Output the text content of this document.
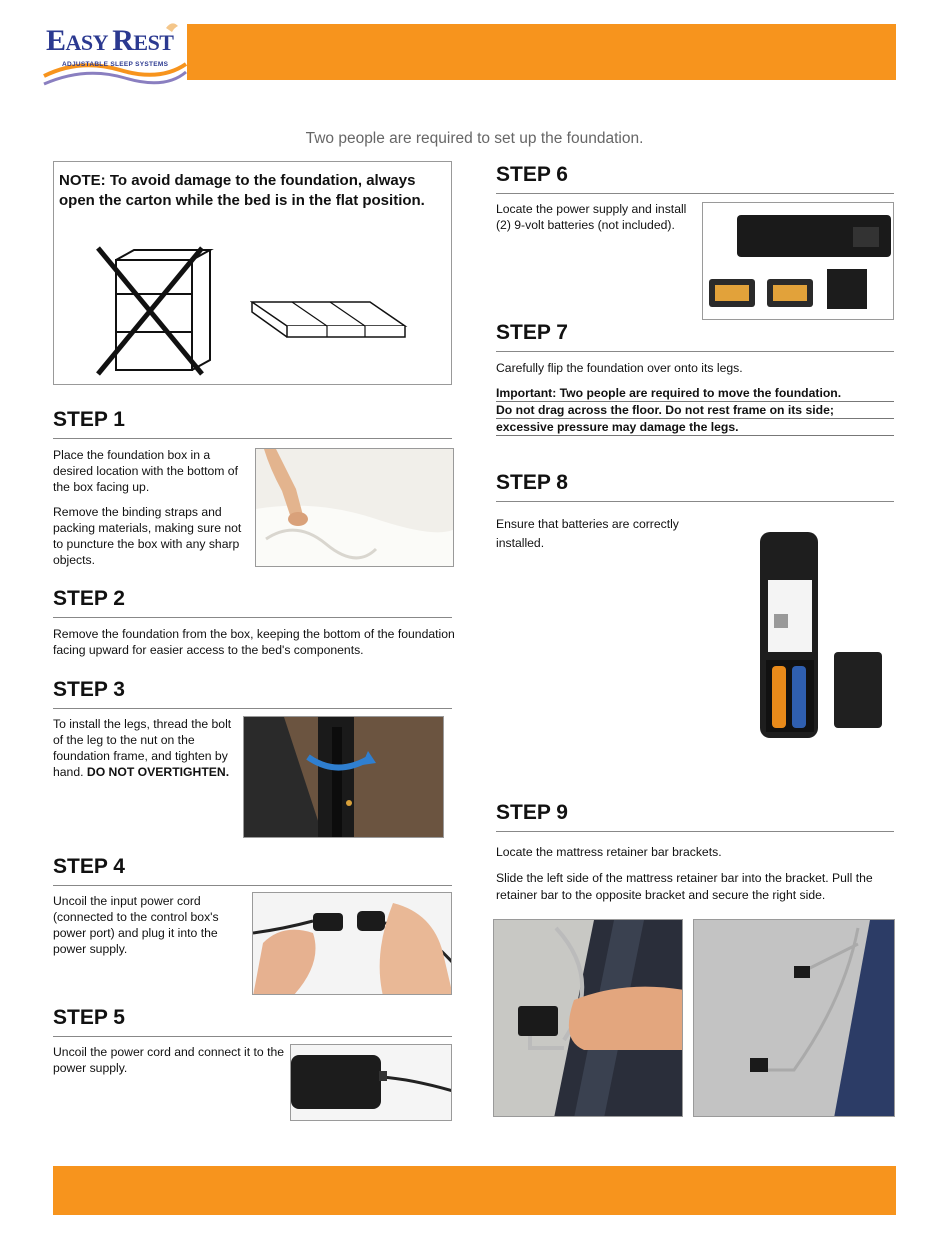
EASY REST
ADJUSTABLE SLEEP SYSTEMS
Two people are required to set up the foundation.
NOTE: To avoid damage to the foundation, always open the carton while the bed is in the flat position.
STEP 1

Place the foundation box in a desired location with the bottom of the box facing up.

Remove the binding straps and packing materials, making sure not to puncture the box with any sharp objects.

STEP 2

Remove the foundation from the box, keeping the bottom of the foundation facing upward for easier access to the bed's components.

STEP 3

To install the legs, thread the bolt of the leg to the nut on the foundation frame, and tighten by hand. DO NOT OVERTIGHTEN.

STEP 4

Uncoil the input power cord (connected to the control box's power port) and plug it into the power supply.

STEP 5

Uncoil the power cord and connect it to the power supply.

STEP 6

Locate the power supply and install (2) 9-volt batteries (not included).

STEP 7

Carefully flip the foundation over onto its legs.

Important: Two people are required to move the foundation.
Do not drag across the floor. Do not rest frame on its side;
excessive pressure may damage the legs.
STEP 8

Ensure that batteries are correctly installed.

STEP 9

Locate the mattress retainer bar brackets.

Slide the left side of the mattress retainer bar into the bracket. Pull the retainer bar to the opposite bracket and secure the right side.
